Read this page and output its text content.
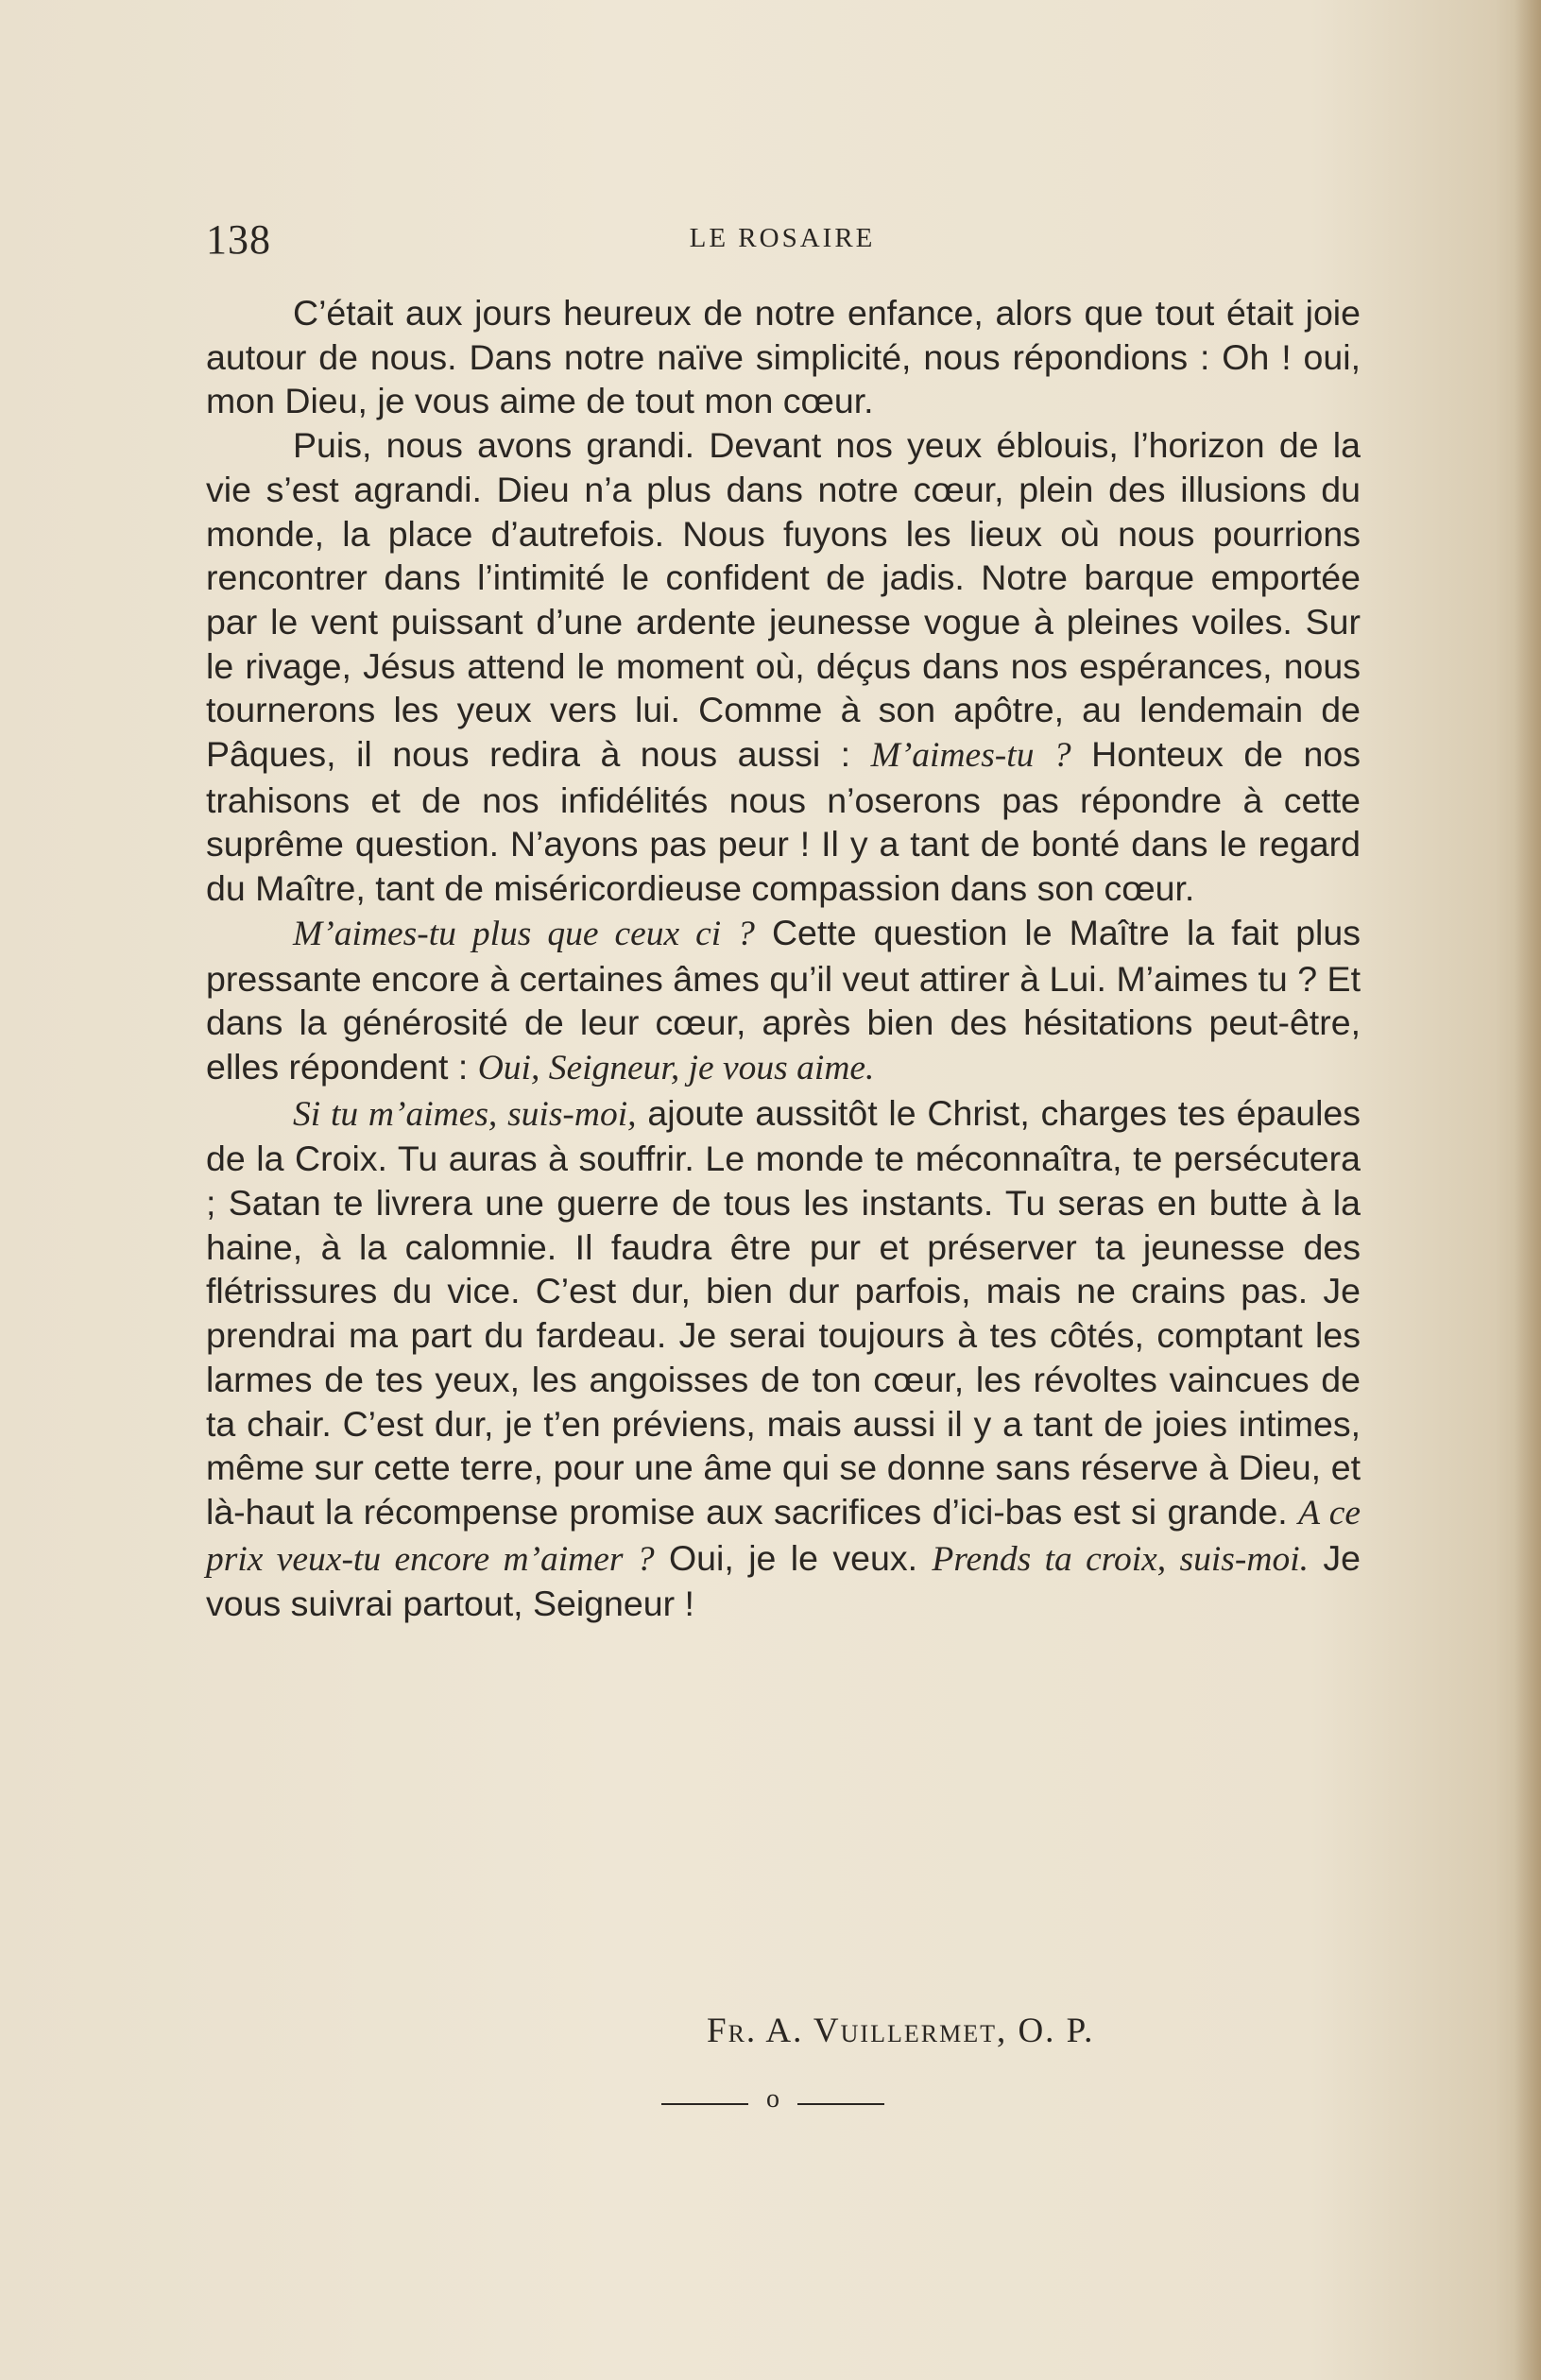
138	LE ROSAIRE

C’était aux jours heureux de notre enfance, alors que tout était joie autour de nous. Dans notre naïve simplicité, nous répondions : Oh ! oui, mon Dieu, je vous aime de tout mon cœur.

Puis, nous avons grandi. Devant nos yeux éblouis, l’horizon de la vie s’est agrandi. Dieu n’a plus dans notre cœur, plein des illusions du monde, la place d’autrefois. Nous fuyons les lieux où nous pourrions rencontrer dans l’intimité le confident de jadis. Notre barque emportée par le vent puissant d’une ardente jeunesse vogue à pleines voiles. Sur le rivage, Jésus attend le moment où, déçus dans nos espérances, nous tournerons les yeux vers lui. Comme à son apôtre, au lendemain de Pâques, il nous redira à nous aussi : M’aimes-tu ? Honteux de nos trahisons et de nos infidélités nous n’oserons pas répondre à cette suprême question. N’ayons pas peur ! Il y a tant de bonté dans le regard du Maître, tant de miséricordieuse compassion dans son cœur.

M’aimes-tu plus que ceux ci ? Cette question le Maître la fait plus pressante encore à certaines âmes qu’il veut attirer à Lui. M’aimes tu ? Et dans la générosité de leur cœur, après bien des hésitations peut-être, elles répondent : Oui, Seigneur, je vous aime.

Si tu m’aimes, suis-moi, ajoute aussitôt le Christ, charges tes épaules de la Croix. Tu auras à souffrir. Le monde te méconnaîtra, te persécutera ; Satan te livrera une guerre de tous les instants. Tu seras en butte à la haine, à la calomnie. Il faudra être pur et préserver ta jeunesse des flétrissures du vice. C’est dur, bien dur parfois, mais ne crains pas. Je prendrai ma part du fardeau. Je serai toujours à tes côtés, comptant les larmes de tes yeux, les angoisses de ton cœur, les révoltes vaincues de ta chair. C’est dur, je t’en préviens, mais aussi il y a tant de joies intimes, même sur cette terre, pour une âme qui se donne sans réserve à Dieu, et là-haut la récompense promise aux sacrifices d’ici-bas est si grande. A ce prix veux-tu encore m’aimer ? Oui, je le veux. Prends ta croix, suis-moi. Je vous suivrai partout, Seigneur !

Fr. A. Vuillermet, O. P.
o
